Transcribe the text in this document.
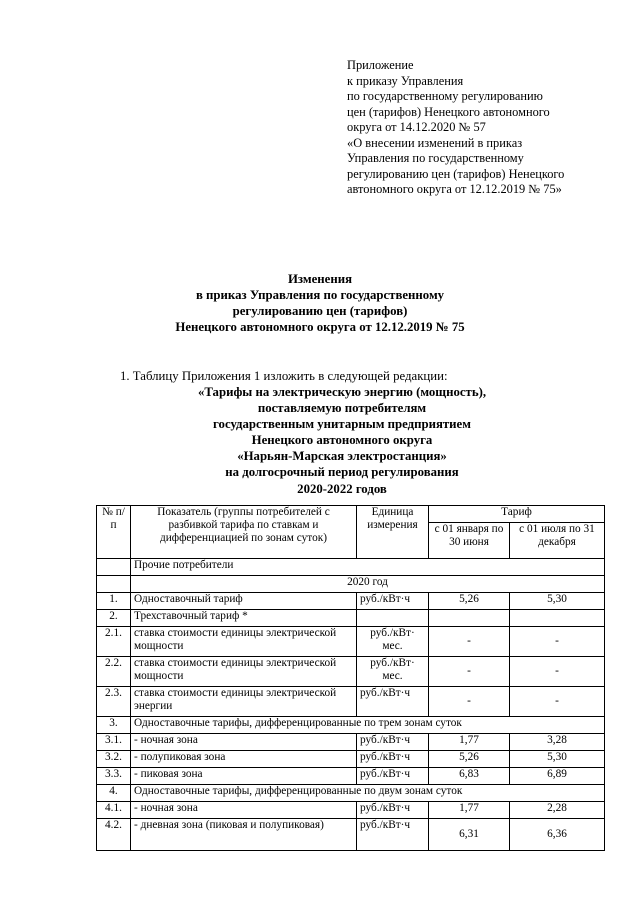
Приложение
к приказу Управления
по государственному регулированию
цен (тарифов) Ненецкого автономного
округа от 14.12.2020 № 57
«О внесении изменений в приказ
Управления по государственному
регулированию цен (тарифов) Ненецкого
автономного округа от 12.12.2019 № 75»
Изменения
в приказ Управления по государственному
регулированию цен (тарифов)
Ненецкого автономного округа от 12.12.2019 № 75
1. Таблицу Приложения 1 изложить в следующей редакции:
«Тарифы на электрическую энергию (мощность),
поставляемую потребителям
государственным унитарным предприятием
Ненецкого автономного округа
«Нарьян-Марская электростанция»
на долгосрочный период регулирования
2020-2022 годов
№ п/п	Показатель (группы потребителей с разбивкой тарифа по ставкам и дифференциацией по зонам суток)	Единица измерения	Тариф	
			с 01 января по 30 июня	с 01 июля по 31 декабря
	Прочие потребители			
	2020 год			
1.	Одноставочный тариф	руб./кВт·ч	5,26	5,30
2.	Трехставочный тариф *			
2.1.	ставка стоимости единицы электрической мощности	руб./кВт· мес.	-	-
2.2.	ставка стоимости единицы электрической мощности	руб./кВт· мес.	-	-
2.3.	ставка стоимости единицы электрической энергии	руб./кВт·ч	-	-
3.	Одноставочные тарифы, дифференцированные по трем зонам суток			
3.1.	- ночная зона	руб./кВт·ч	1,77	3,28
3.2.	- полупиковая зона	руб./кВт·ч	5,26	5,30
3.3.	- пиковая зона	руб./кВт·ч	6,83	6,89
4.	Одноставочные тарифы, дифференцированные по двум зонам суток			
4.1.	- ночная зона	руб./кВт·ч	1,77	2,28
4.2.	- дневная зона (пиковая и полупиковая)	руб./кВт·ч	6,31	6,36
